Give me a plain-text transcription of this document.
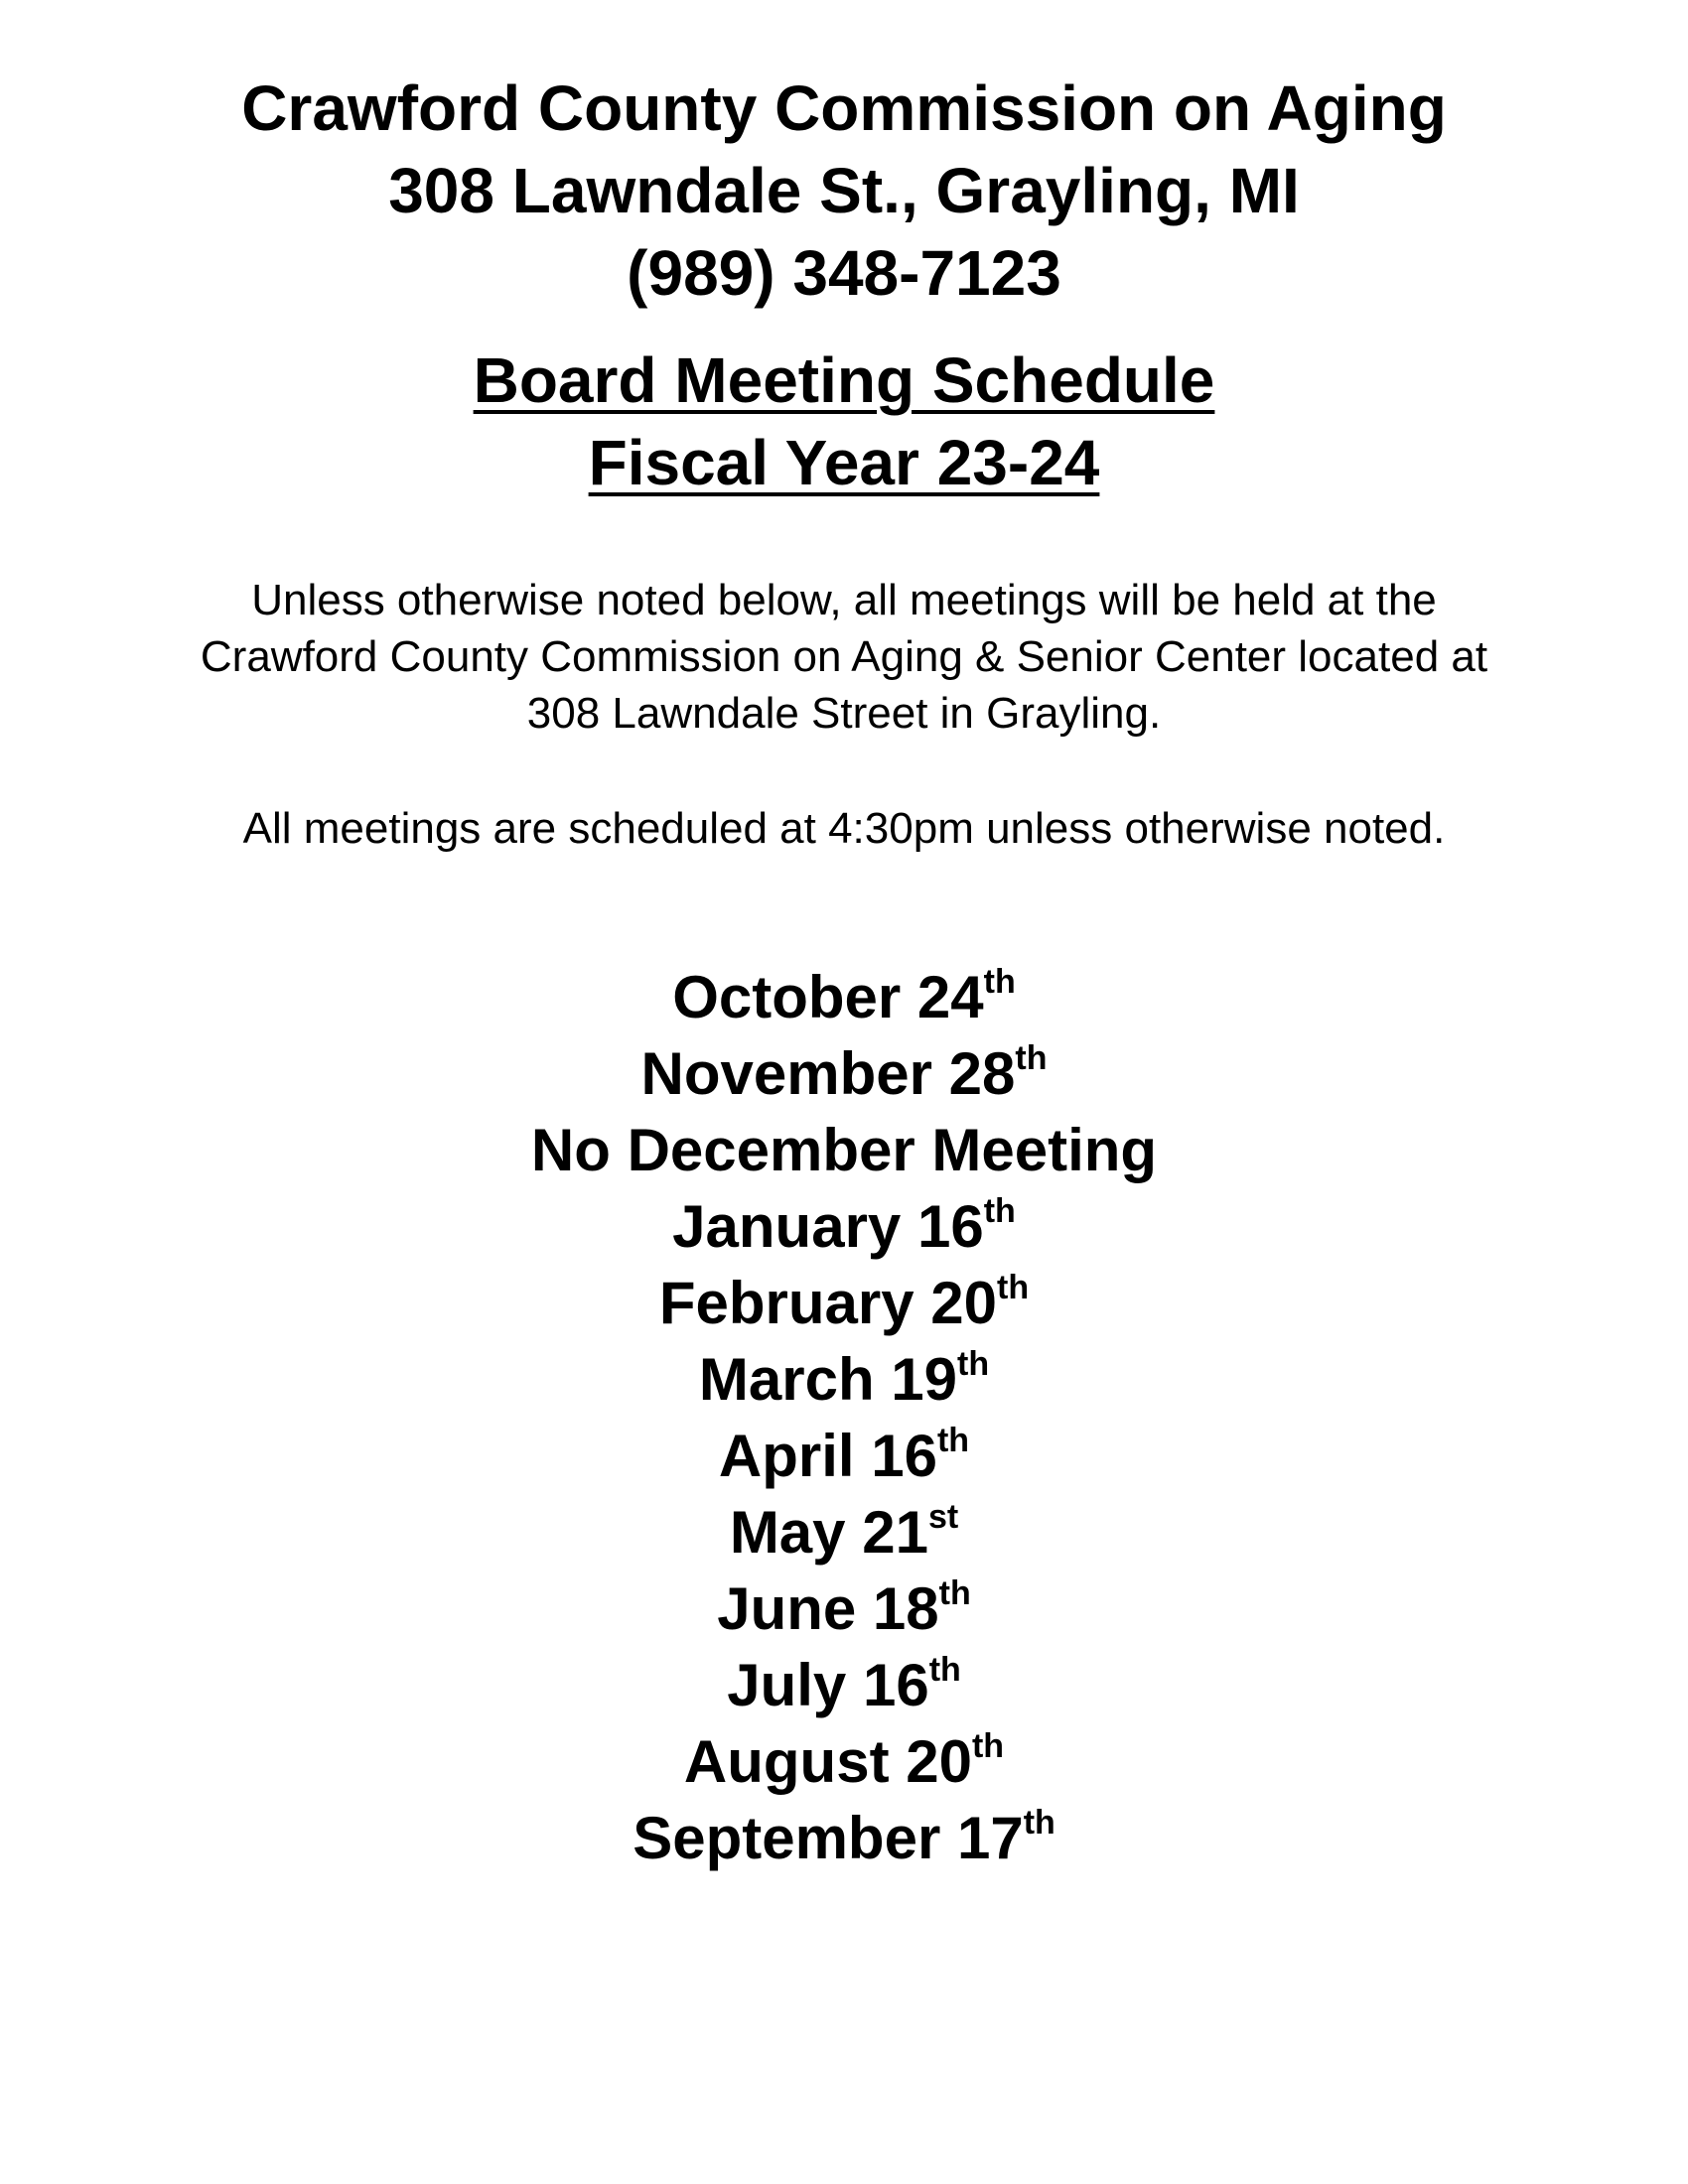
Crawford County Commission on Aging
308 Lawndale St., Grayling, MI
(989) 348-7123
Board Meeting Schedule
Fiscal Year 23-24
Unless otherwise noted below, all meetings will be held at the
Crawford County Commission on Aging & Senior Center located at
308 Lawndale Street in Grayling.
All meetings are scheduled at 4:30pm unless otherwise noted.
October 24th
November 28th
No December Meeting
January 16th
February 20th
March 19th
April 16th
May 21st
June 18th
July 16th
August 20th
September 17th
